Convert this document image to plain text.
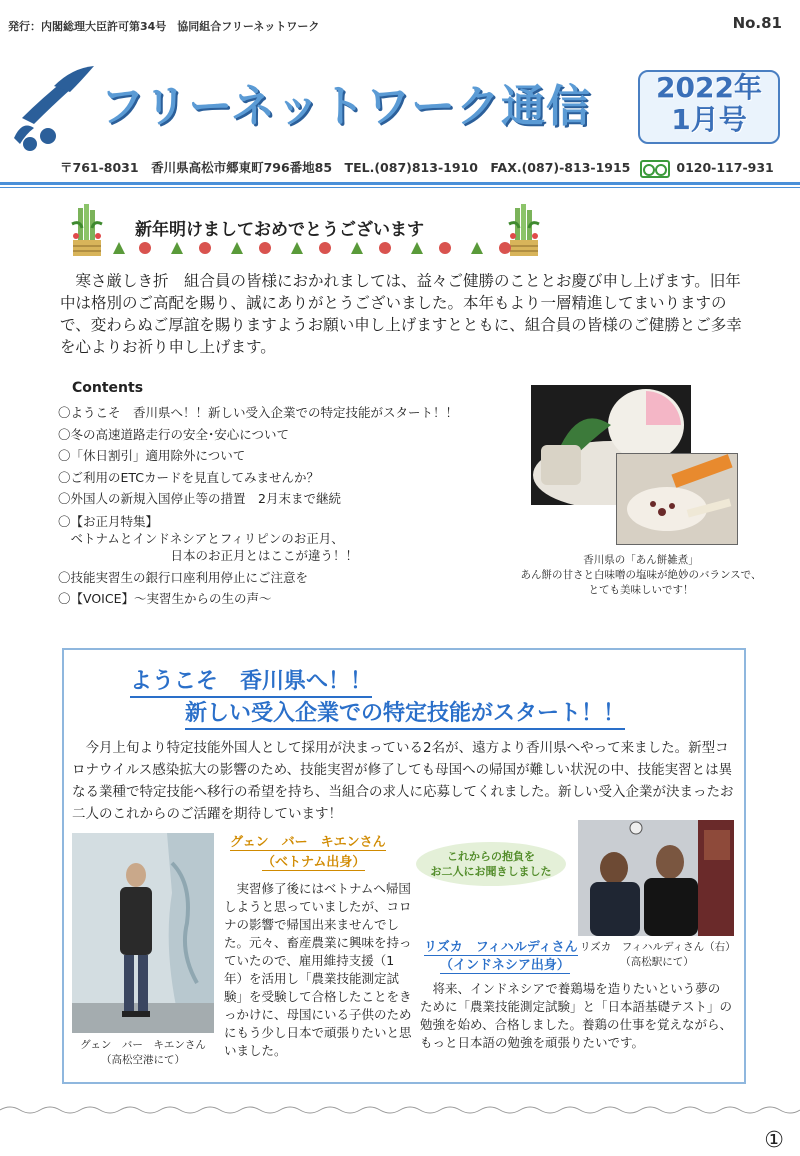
発行：内閣総理大臣許可第34号　協同組合フリーネットワーク	No.81
フリーネットワーク通信	2022年
1月号
〒761-8031　香川県高松市郷東町796番地85　TEL.(087)813-1910　FAX.(087)-813-1915	0120-117-931
新年明けましておめでとうございます
寒さ厳しき折　組合員の皆様におかれましては、益々ご健勝のこととお慶び申し上げます。旧年中は格別のご高配を賜り、誠にありがとうございました。本年もより一層精進してまいりますので、変わらぬご厚誼を賜りますようお願い申し上げますとともに、組合員の皆様のご健勝とご多幸を心よりお祈り申し上げます。
Contents
〇ようこそ　香川県へ！！新しい受入企業での特定技能がスタート！！
〇冬の高速道路走行の安全･安心について
〇「休日割引」適用除外について
〇ご利用のETCカードを見直してみませんか？
〇外国人の新規入国停止等の措置　2月末まで継続
〇【お正月特集】
　ベトナムとインドネシアとフィリピンのお正月、
　　　　　　　　　日本のお正月とはここが違う！！
〇技能実習生の銀行口座利用停止にご注意を
〇【VOICE】～実習生からの生の声～
香川県の「あん餅雑煮」
あん餅の甘さと白味噌の塩味が絶妙のバランスで、
とても美味しいです！
ようこそ　香川県へ！！
新しい受入企業での特定技能がスタート！！
今月上旬より特定技能外国人として採用が決まっている2名が、遠方より香川県へやって来ました。新型コロナウイルス感染拡大の影響のため、技能実習が修了しても母国への帰国が難しい状況の中、技能実習とは異なる業種で特定技能へ移行の希望を持ち、当組合の求人に応募してくれました。新しい受入企業が決まったお二人のこれからのご活躍を期待しています！
グェン　バー　キエンさん
（高松空港にて）
グェン　バー　キエンさん
（ベトナム出身）
実習修了後にはベトナムへ帰国しようと思っていましたが、コロナの影響で帰国出来ませんでした。元々、畜産農業に興味を持っていたので、雇用維持支援（1年）を活用し「農業技能測定試験」を受験して合格したことをきっかけに、母国にいる子供のためにもう少し日本で頑張りたいと思いました。
これからの抱負を
お二人にお聞きしました
リズカ　フィハルディさん（右）
（高松駅にて）
リズカ　フィハルディさん
（インドネシア出身）
将来、インドネシアで養鶏場を造りたいという夢のために「農業技能測定試験」と「日本語基礎テスト」の勉強を始め、合格しました。養鶏の仕事を覚えながら、もっと日本語の勉強を頑張りたいです。
①
